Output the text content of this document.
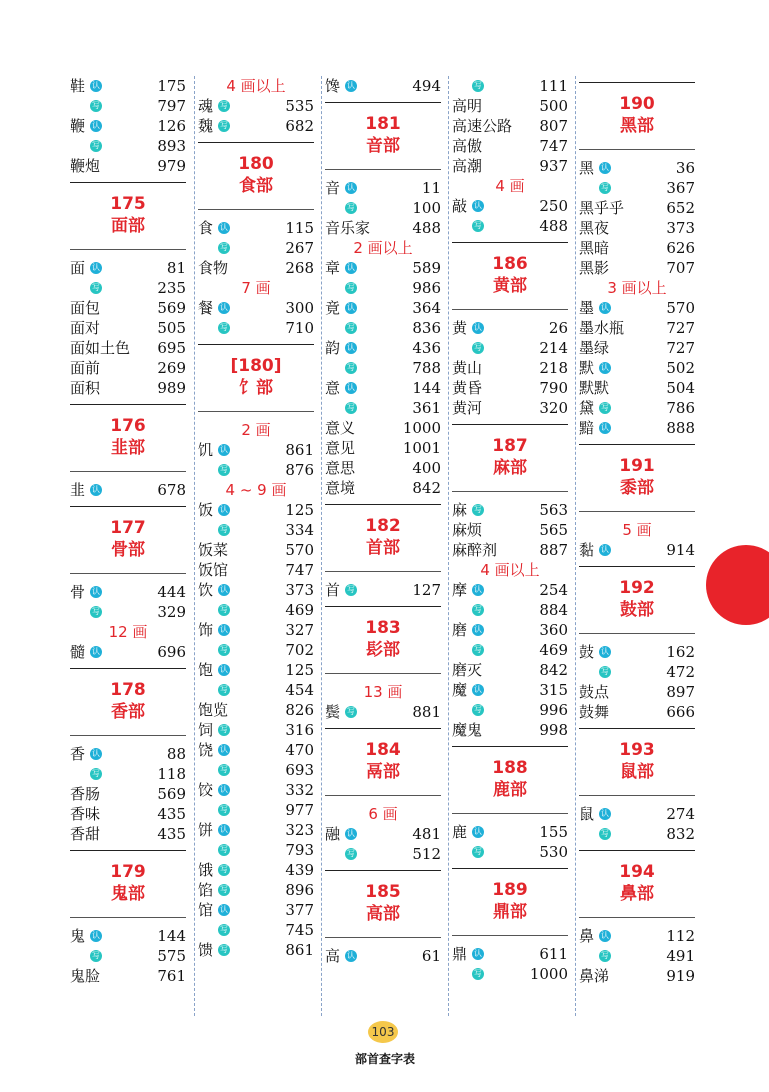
鞋 认	175
写	797
鞭 认	126
写	893
鞭炮	979
175
面部
面 认	81
写	235
面包	569
面对	505
面如土色 695
面前	269
面积	989
176
韭部
韭 认	678
177
骨部
骨 认	444
写	329
12 画
髓 认	696
178
香部
香 认	88
写	118
香肠	569
香味	435
香甜	435
179
鬼部
鬼 认	144
写	575
鬼脸	761
4 画以上
魂 写	535
魏 写	682
180
食部
食 认	115
写	267
食物	268
7 画
餐 认	300
写	710
[180]
饣部
2 画
饥 认	861
写	876
4 ~ 9 画
饭 认	125
写	334
饭菜	570
饭馆	747
饮 认	373
写	469
饰 认	327
写	702
饱 认	125
写	454
饱览	826
饲 写	316
饶 认	470
写	693
饺 认	332
写	977
饼 认	323
写	793
饿 写	439
馅 写	896
馆 认	377
写	745
馈 写	861
馋 认	494
181
音部
音 认	11
写	100
音乐家	488
2 画以上
章 认	589
写	986
竟 认	364
写	836
韵 认	436
写	788
意 认	144
写	361
意义	1000
意见	1001
意思	400
意境	842
182
首部
首 写	127
183
髟部
13 画
鬓 写	881
184
鬲部
6 画
融 认	481
写	512
185
高部
高 认	61
写	111
高明	500
高速公路 807
高傲	747
高潮	937
4 画
敲 认	250
写	488
186
黄部
黄 认	26
写	214
黄山	218
黄昏	790
黄河	320
187
麻部
麻 写	563
麻烦	565
麻醉剂	887
4 画以上
摩 认	254
写	884
磨 认	360
写	469
磨灭	842
魔 认	315
写	996
魔鬼	998
188
鹿部
鹿 认	155
写	530
189
鼎部
鼎 认	611
写	1000
190
黑部
黑 认	36
写	367
黑乎乎	652
黑夜	373
黑暗	626
黑影	707
3 画以上
墨 认	570
墨水瓶	727
墨绿	727
默 认	502
默默	504
黛 写	786
黯 认	888
191
黍部
5 画
黏 认	914
192
鼓部
鼓 认	162
写	472
鼓点	897
鼓舞	666
193
鼠部
鼠 认	274
写	832
194
鼻部
鼻 认	112
写	491
鼻涕	919
103
部首查字表
